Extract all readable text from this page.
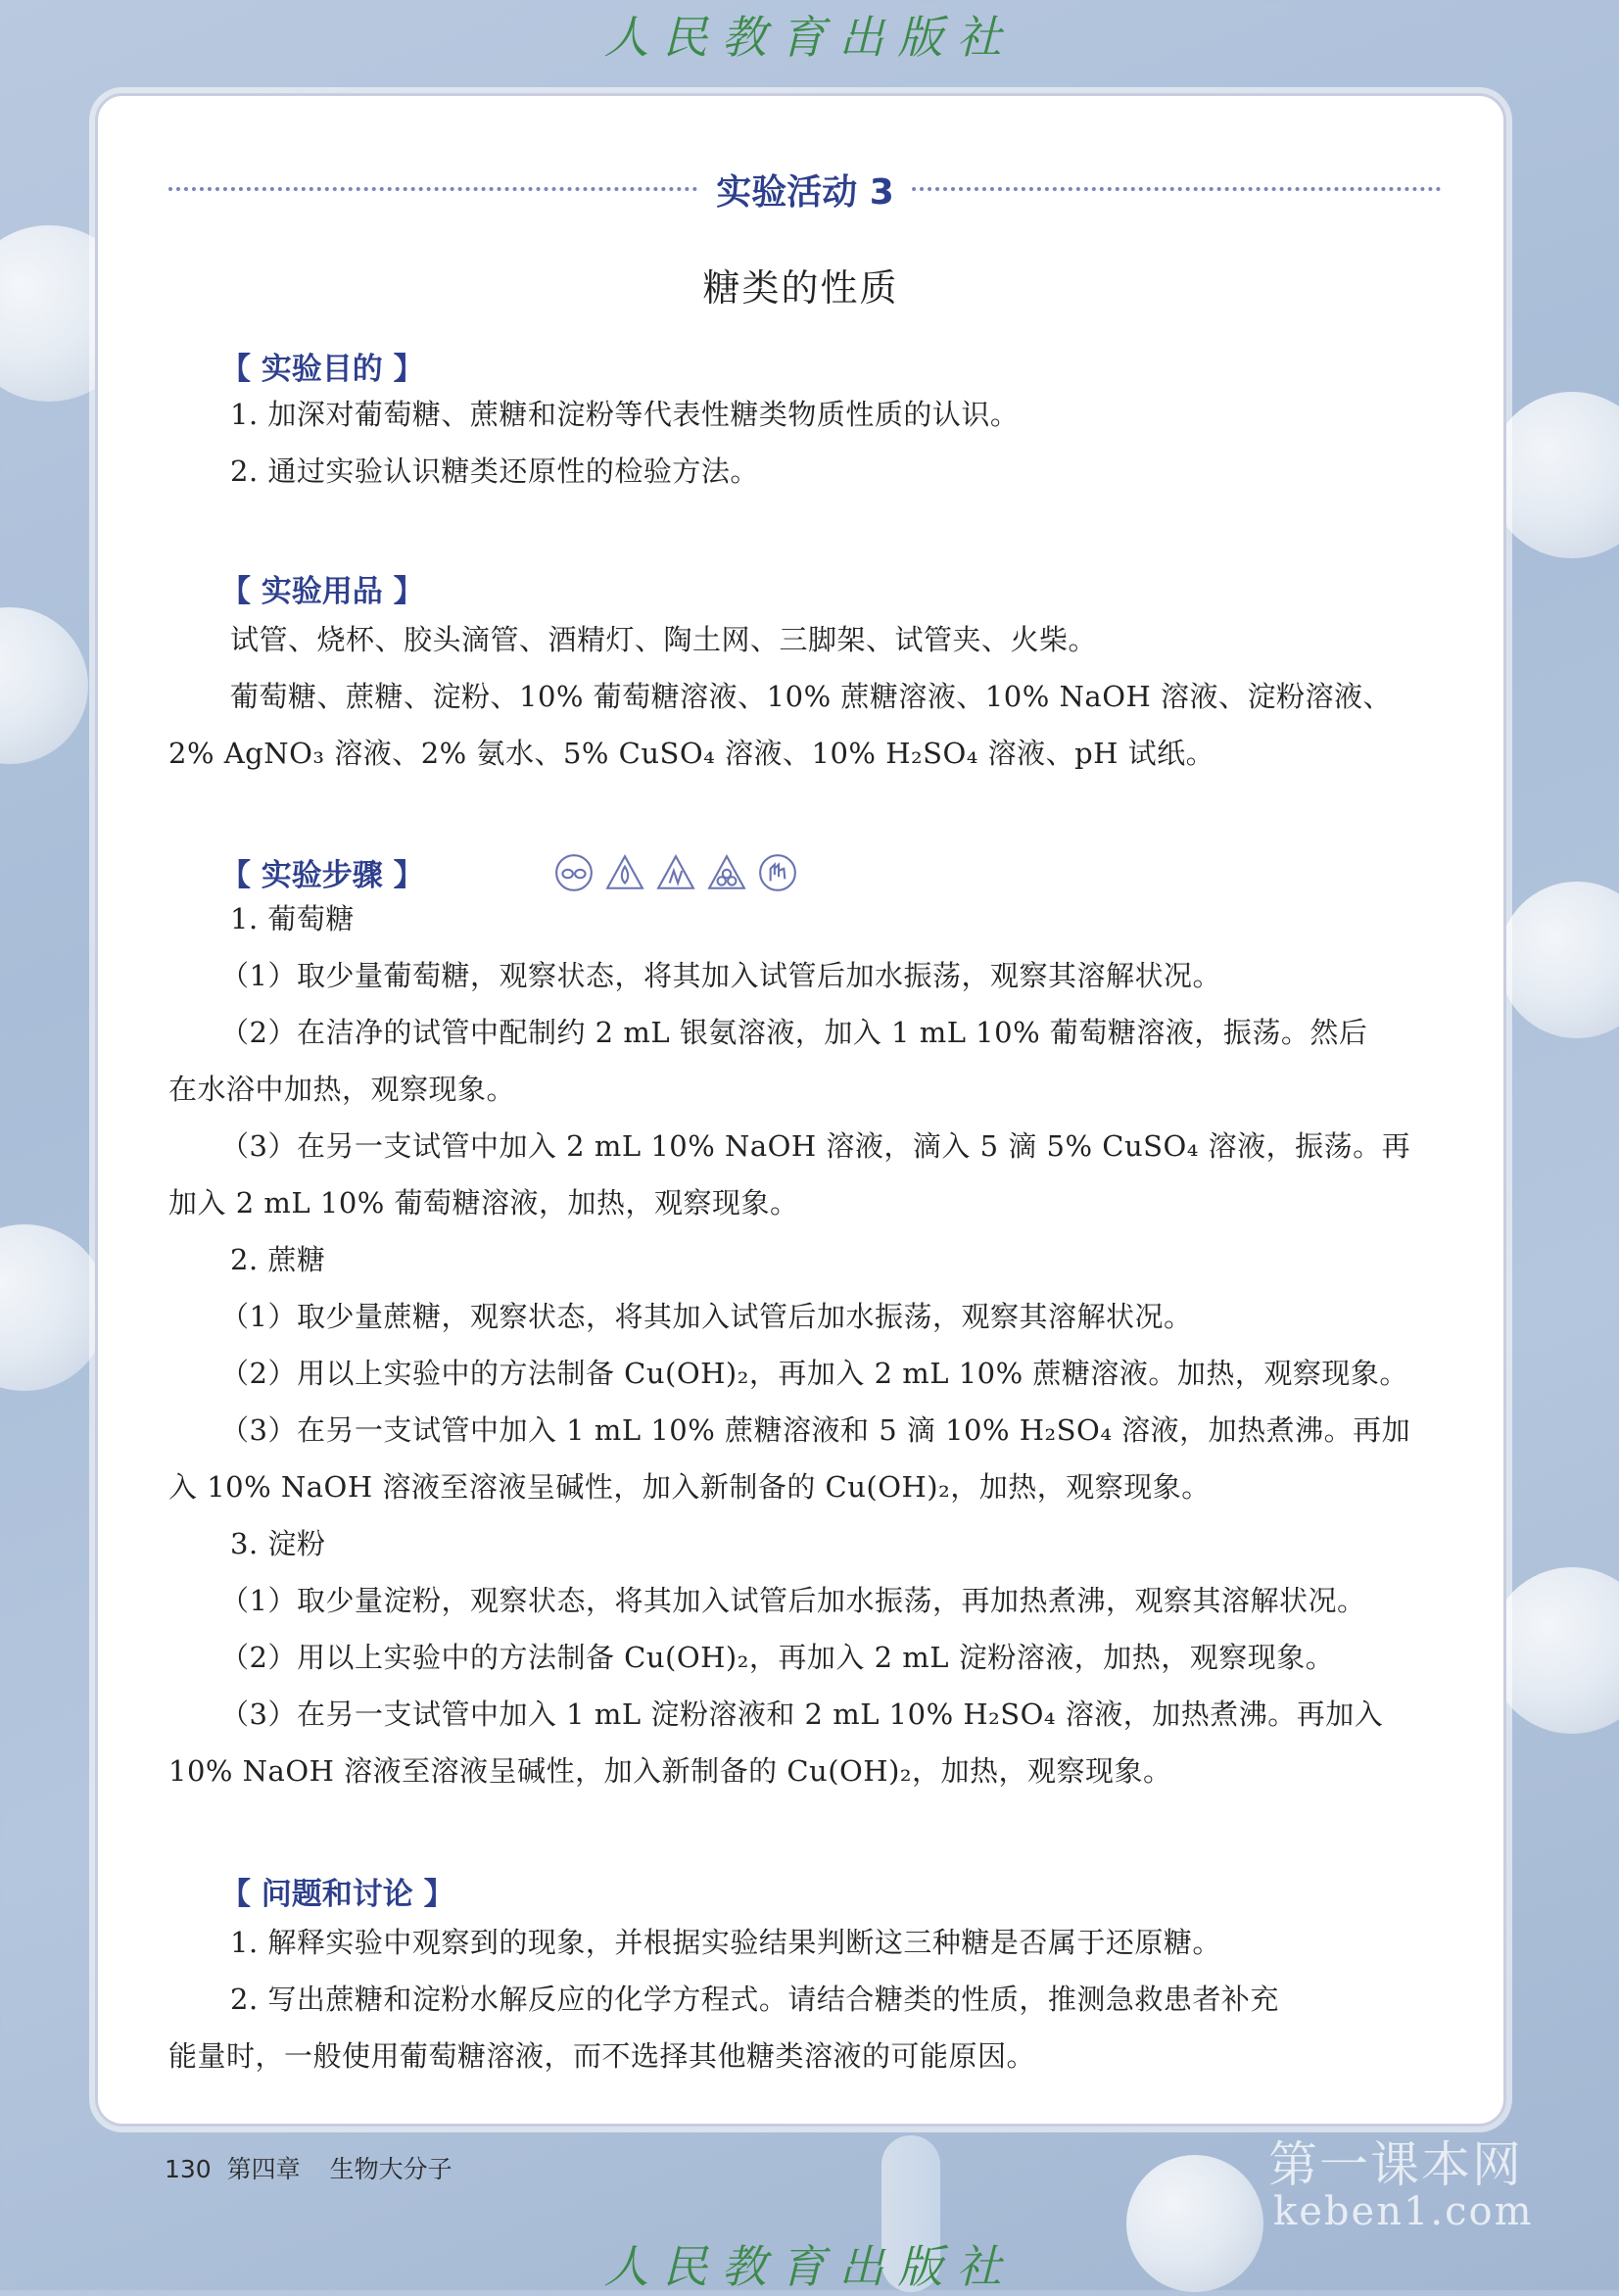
人民教育出版社
人民教育出版社
实验活动 3
糖类的性质
【 实验目的 】
1. 加深对葡萄糖、蔗糖和淀粉等代表性糖类物质性质的认识。
2. 通过实验认识糖类还原性的检验方法。
【 实验用品 】
试管、烧杯、胶头滴管、酒精灯、陶土网、三脚架、试管夹、火柴。
葡萄糖、蔗糖、淀粉、10% 葡萄糖溶液、10% 蔗糖溶液、10% NaOH 溶液、淀粉溶液、
2% AgNO₃ 溶液、2% 氨水、5% CuSO₄ 溶液、10% H₂SO₄ 溶液、pH 试纸。
【 实验步骤 】
1. 葡萄糖
（1）取少量葡萄糖，观察状态，将其加入试管后加水振荡，观察其溶解状况。
（2）在洁净的试管中配制约 2 mL 银氨溶液，加入 1 mL 10% 葡萄糖溶液，振荡。然后
在水浴中加热，观察现象。
（3）在另一支试管中加入 2 mL 10% NaOH 溶液，滴入 5 滴 5% CuSO₄ 溶液，振荡。再
加入 2 mL 10% 葡萄糖溶液，加热，观察现象。
2. 蔗糖
（1）取少量蔗糖，观察状态，将其加入试管后加水振荡，观察其溶解状况。
（2）用以上实验中的方法制备 Cu(OH)₂，再加入 2 mL 10% 蔗糖溶液。加热，观察现象。
（3）在另一支试管中加入 1 mL 10% 蔗糖溶液和 5 滴 10% H₂SO₄ 溶液，加热煮沸。再加
入 10% NaOH 溶液至溶液呈碱性，加入新制备的 Cu(OH)₂，加热，观察现象。
3. 淀粉
（1）取少量淀粉，观察状态，将其加入试管后加水振荡，再加热煮沸，观察其溶解状况。
（2）用以上实验中的方法制备 Cu(OH)₂，再加入 2 mL 淀粉溶液，加热，观察现象。
（3）在另一支试管中加入 1 mL 淀粉溶液和 2 mL 10% H₂SO₄ 溶液，加热煮沸。再加入
10% NaOH 溶液至溶液呈碱性，加入新制备的 Cu(OH)₂，加热，观察现象。
【 问题和讨论 】
1. 解释实验中观察到的现象，并根据实验结果判断这三种糖是否属于还原糖。
2. 写出蔗糖和淀粉水解反应的化学方程式。请结合糖类的性质，推测急救患者补充
能量时，一般使用葡萄糖溶液，而不选择其他糖类溶液的可能原因。
130 第四章 生物大分子	第一课本网
keben1.com
